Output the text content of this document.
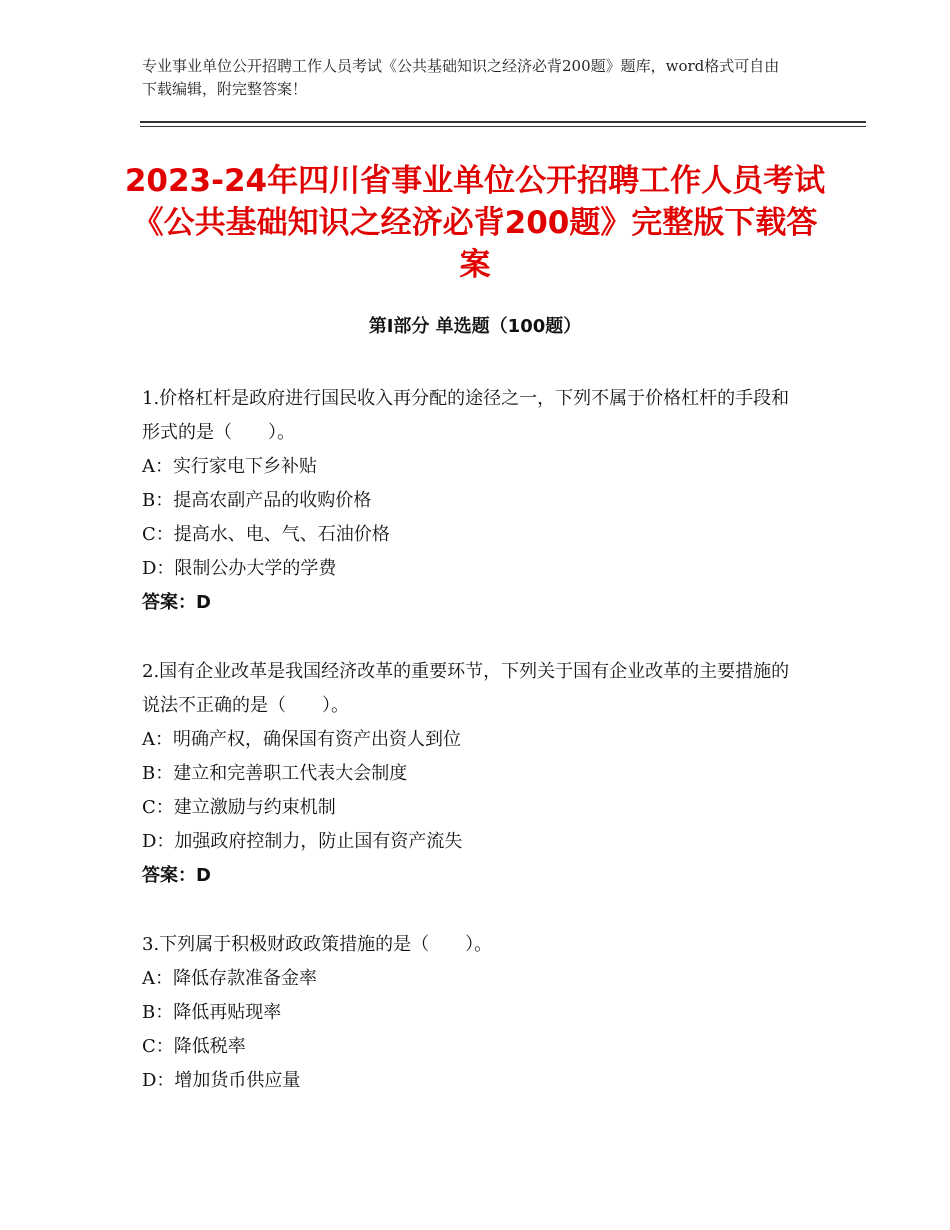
专业事业单位公开招聘工作人员考试《公共基础知识之经济必背200题》题库，word格式可自由下载编辑，附完整答案！
2023-24年四川省事业单位公开招聘工作人员考试《公共基础知识之经济必背200题》完整版下载答案
第Ⅰ部分 单选题（100题）

1.价格杠杆是政府进行国民收入再分配的途径之一，下列不属于价格杠杆的手段和形式的是（　　）。

A：实行家电下乡补贴

B：提高农副产品的收购价格

C：提高水、电、气、石油价格

D：限制公办大学的学费

答案：D

2.国有企业改革是我国经济改革的重要环节，下列关于国有企业改革的主要措施的说法不正确的是（　　）。

A：明确产权，确保国有资产出资人到位

B：建立和完善职工代表大会制度

C：建立激励与约束机制

D：加强政府控制力，防止国有资产流失

答案：D

3.下列属于积极财政政策措施的是（　　）。

A：降低存款准备金率

B：降低再贴现率

C：降低税率

D：增加货币供应量
